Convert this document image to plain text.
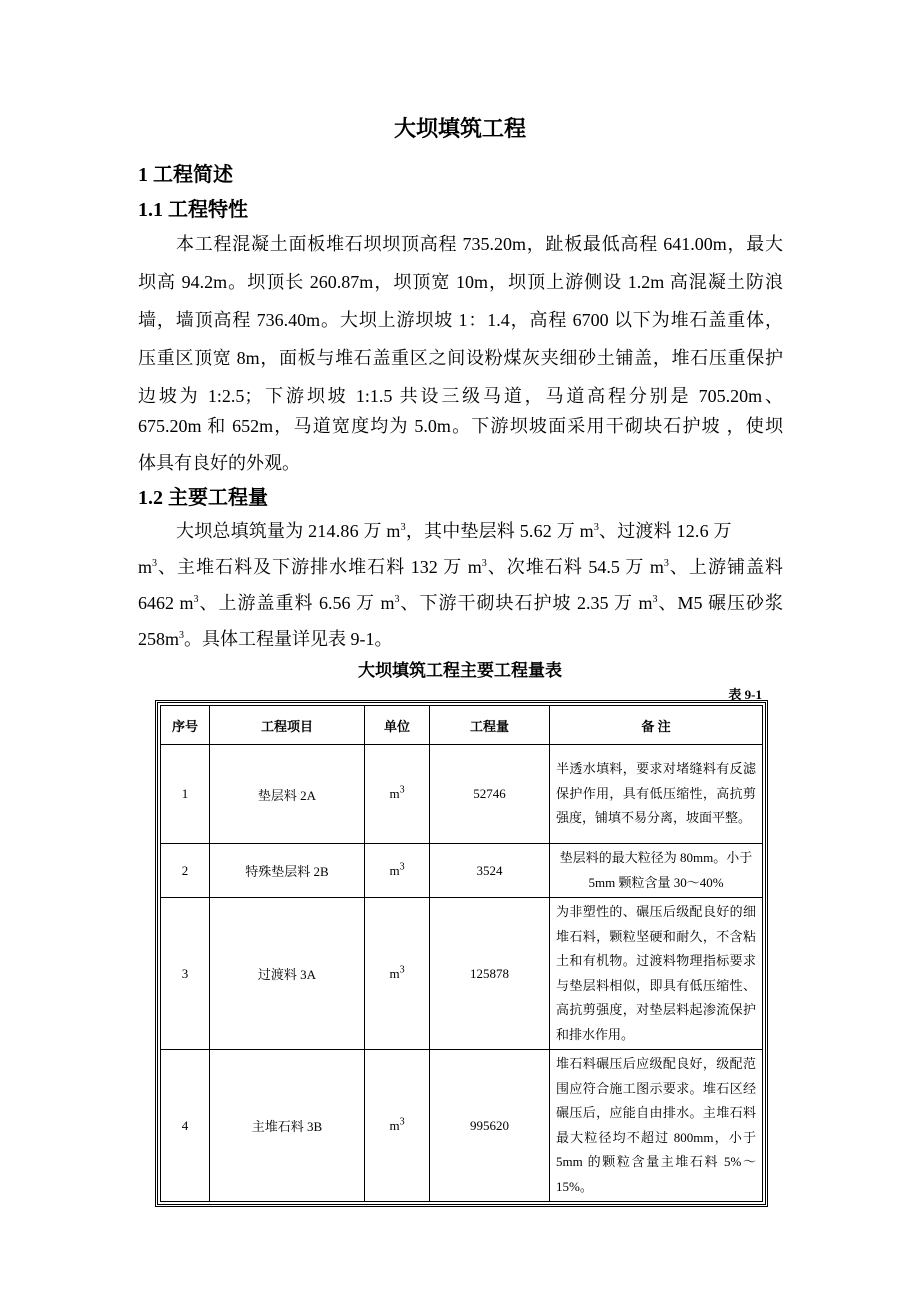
大坝填筑工程
1 工程简述
1.1 工程特性
本工程混凝土面板堆石坝坝顶高程 735.20m，趾板最低高程 641.00m，最大
坝高 94.2m。坝顶长 260.87m，坝顶宽 10m，坝顶上游侧设 1.2m 高混凝土防浪
墙，墙顶高程 736.40m。大坝上游坝坡 1：1.4，高程 6700 以下为堆石盖重体，
压重区顶宽 8m，面板与堆石盖重区之间设粉煤灰夹细砂土铺盖，堆石压重保护
边坡为 1:2.5；下游坝坡 1:1.5 共设三级马道，马道高程分别是 705.20m、
675.20m 和 652m，马道宽度均为 5.0m。下游坝坡面采用干砌块石护坡 ，使坝
体具有良好的外观。
1.2 主要工程量
大坝总填筑量为 214.86 万 $m^3$，其中垫层料 5.62 万 $m^3$、过渡料 12.6 万
$m^3$、主堆石料及下游排水堆石料 132 万 $m^3$、次堆石料 54.5 万 $m^3$、上游铺盖料
6462 $m^3$、上游盖重料 6.56 万 $m^3$、下游干砌块石护坡 2.35 万 $m^3$、M5 碾压砂浆
$258m^3$。具体工程量详见表 9-1。
大坝填筑工程主要工程量表
表 9-1
序号	工程项目	单位	工程量	备 注
1	垫层料 2A	$m^3$	52746	半透水填料，要求对堵缝料有反滤保护作用，具有低压缩性，高抗剪强度，铺填不易分离，坡面平整。
2	特殊垫层料 2B	$m^3$	3524	垫层料的最大粒径为 80mm。小于 5mm 颗粒含量 30～40%
3	过渡料 3A	$m^3$	125878	为非塑性的、碾压后级配良好的细堆石料，颗粒坚硬和耐久，不含粘土和有机物。过渡料物理指标要求与垫层料相似，即具有低压缩性、高抗剪强度，对垫层料起渗流保护和排水作用。
4	主堆石料 3B	$m^3$	995620	堆石料碾压后应级配良好，级配范围应符合施工图示要求。堆石区经碾压后，应能自由排水。主堆石料最大粒径均不超过 800mm，小于 5mm 的颗粒含量主堆石料 5%～15%。
